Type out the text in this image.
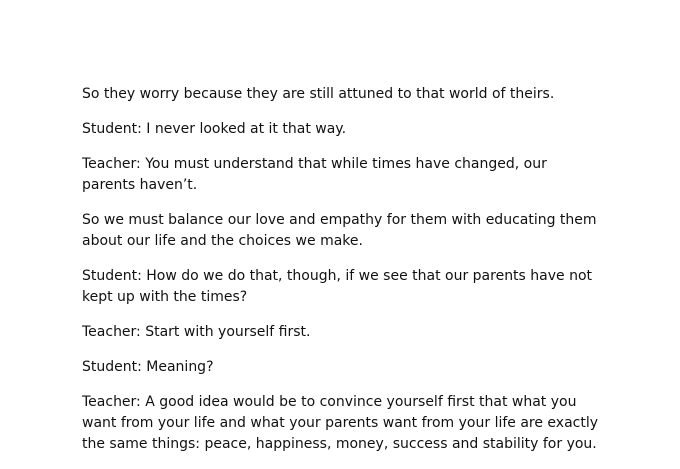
So they worry because they are still attuned to that world of theirs.

Student: I never looked at it that way.

Teacher: You must understand that while times have changed, our parents haven’t.

So we must balance our love and empathy for them with educating them about our life and the choices we make.

Student: How do we do that, though, if we see that our parents have not kept up with the times?

Teacher: Start with yourself first.

Student: Meaning?

Teacher: A good idea would be to convince yourself first that what you want from your life and what your parents want from your life are exactly the same things: peace, happiness, money, success and stability for you.
